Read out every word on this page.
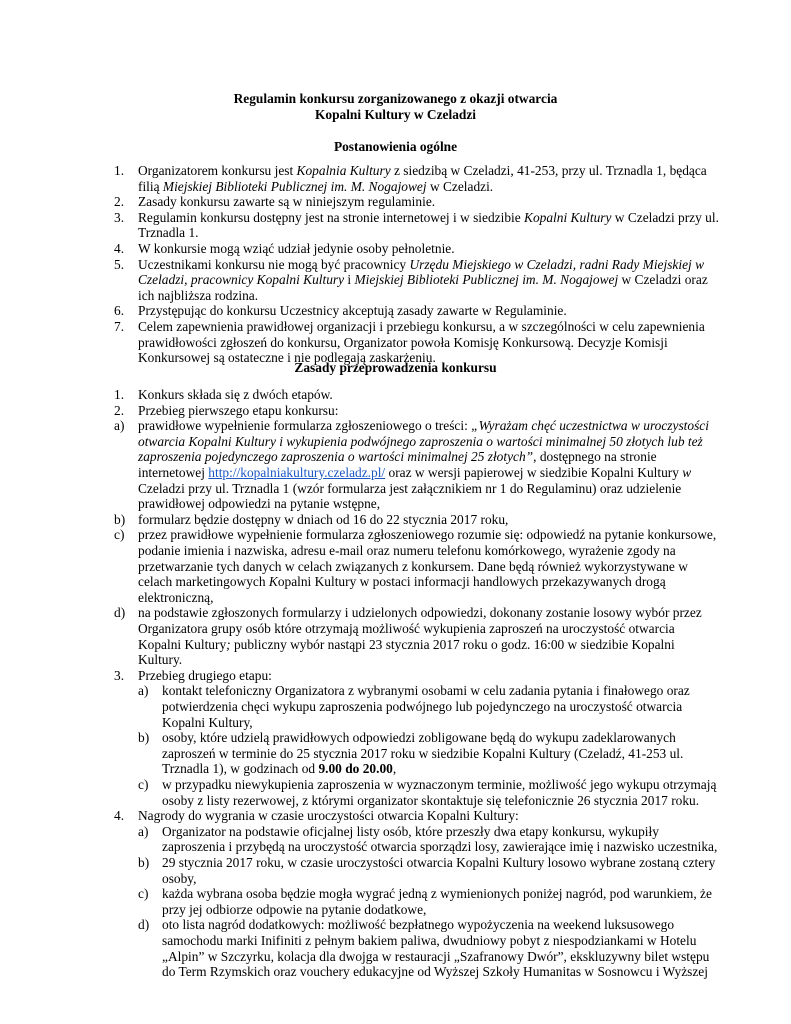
Regulamin konkursu zorganizowanego z okazji otwarcia
Kopalni Kultury w Czeladzi
Postanowienia ogólne
1. Organizatorem konkursu jest Kopalnia Kultury z siedzibą w Czeladzi, 41-253, przy ul. Trznadla 1, będąca
filią Miejskiej Biblioteki Publicznej im. M. Nogajowej w Czeladzi.
2. Zasady konkursu zawarte są w niniejszym regulaminie.
3. Regulamin konkursu dostępny jest na stronie internetowej i w siedzibie Kopalni Kultury w Czeladzi przy ul.
Trznadla 1.
4. W konkursie mogą wziąć udział jedynie osoby pełnoletnie.
5. Uczestnikami konkursu nie mogą być pracownicy Urzędu Miejskiego w Czeladzi, radni Rady Miejskiej w
Czeladzi, pracownicy Kopalni Kultury i Miejskiej Biblioteki Publicznej im. M. Nogajowej w Czeladzi oraz
ich najbliższa rodzina.
6. Przystępując do konkursu Uczestnicy akceptują zasady zawarte w Regulaminie.
7. Celem zapewnienia prawidłowej organizacji i przebiegu konkursu, a w szczególności w celu zapewnienia
prawidłowości zgłoszeń do konkursu, Organizator powoła Komisję Konkursową. Decyzje Komisji
Konkursowej są ostateczne i nie podlegają zaskarżeniu.
Zasady przeprowadzenia konkursu
1. Konkurs składa się z dwóch etapów.
2. Przebieg pierwszego etapu konkursu:
a) prawidłowe wypełnienie formularza zgłoszeniowego o treści: „Wyrażam chęć uczestnictwa w uroczystości
otwarcia Kopalni Kultury i wykupienia podwójnego zaproszenia o wartości minimalnej 50 złotych lub też
zaproszenia pojedynczego zaproszenia o wartości minimalnej 25 złotych”, dostępnego na stronie
internetowej http://kopalniakultury.czeladz.pl/ oraz w wersji papierowej w siedzibie Kopalni Kultury w
Czeladzi przy ul. Trznadla 1 (wzór formularza jest załącznikiem nr 1 do Regulaminu) oraz udzielenie
prawidłowej odpowiedzi na pytanie wstępne,
b) formularz będzie dostępny w dniach od 16 do 22 stycznia 2017 roku,
c) przez prawidłowe wypełnienie formularza zgłoszeniowego rozumie się: odpowiedź na pytanie konkursowe,
podanie imienia i nazwiska, adresu e-mail oraz numeru telefonu komórkowego, wyrażenie zgody na
przetwarzanie tych danych w celach związanych z konkursem. Dane będą również wykorzystywane w
celach marketingowych Kopalni Kultury w postaci informacji handlowych przekazywanych drogą
elektroniczną,
d) na podstawie zgłoszonych formularzy i udzielonych odpowiedzi, dokonany zostanie losowy wybór przez
Organizatora grupy osób które otrzymają możliwość wykupienia zaproszeń na uroczystość otwarcia
Kopalni Kultury; publiczny wybór nastąpi 23 stycznia 2017 roku o godz. 16:00 w siedzibie Kopalni
Kultury.
3. Przebieg drugiego etapu:
a) kontakt telefoniczny Organizatora z wybranymi osobami w celu zadania pytania i finałowego oraz
potwierdzenia chęci wykupu zaproszenia podwójnego lub pojedynczego na uroczystość otwarcia
Kopalni Kultury,
b) osoby, które udzielą prawidłowych odpowiedzi zobligowane będą do wykupu zadeklarowanych
zaproszeń w terminie do 25 stycznia 2017 roku w siedzibie Kopalni Kultury (Czeladź, 41-253 ul.
Trznadla 1), w godzinach od 9.00 do 20.00,
c) w przypadku niewykupienia zaproszenia w wyznaczonym terminie, możliwość jego wykupu otrzymają
osoby z listy rezerwowej, z którymi organizator skontaktuje się telefonicznie 26 stycznia 2017 roku.
4. Nagrody do wygrania w czasie uroczystości otwarcia Kopalni Kultury:
a) Organizator na podstawie oficjalnej listy osób, które przeszły dwa etapy konkursu, wykupiły
zaproszenia i przybędą na uroczystość otwarcia sporządzi losy, zawierające imię i nazwisko uczestnika,
b) 29 stycznia 2017 roku, w czasie uroczystości otwarcia Kopalni Kultury losowo wybrane zostaną cztery
osoby,
c) każda wybrana osoba będzie mogła wygrać jedną z wymienionych poniżej nagród, pod warunkiem, że
przy jej odbiorze odpowie na pytanie dodatkowe,
d) oto lista nagród dodatkowych: możliwość bezpłatnego wypożyczenia na weekend luksusowego
samochodu marki Inifiniti z pełnym bakiem paliwa, dwudniowy pobyt z niespodziankami w Hotelu
„Alpin” w Szczyrku, kolacja dla dwojga w restauracji „Szafranowy Dwór”, ekskluzywny bilet wstępu
do Term Rzymskich oraz vouchery edukacyjne od Wyższej Szkoły Humanitas w Sosnowcu i Wyższej
